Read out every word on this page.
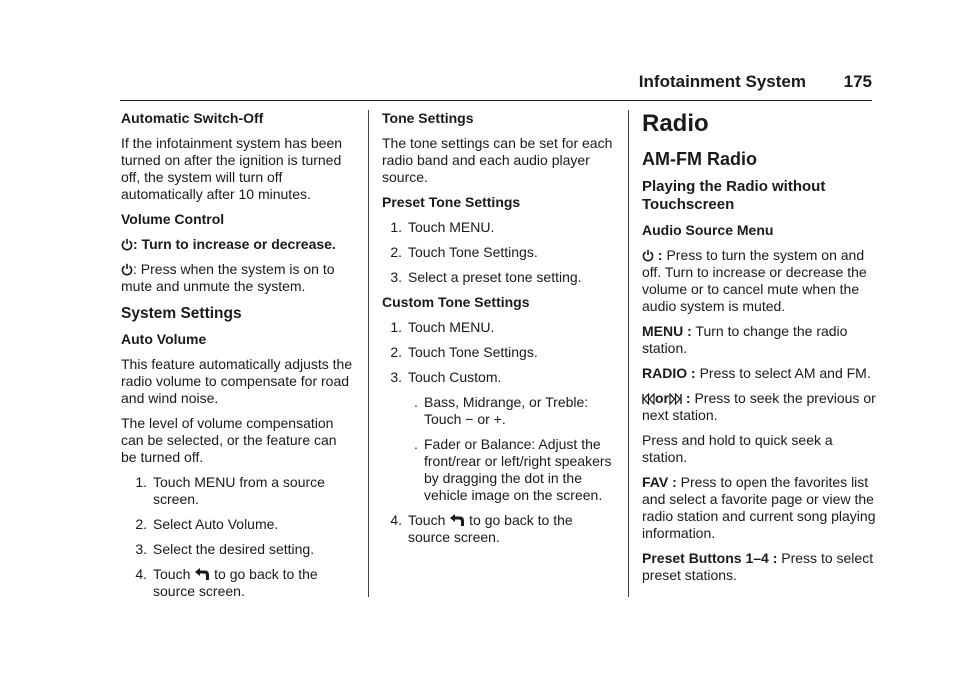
Infotainment System 175
Automatic Switch-Off

If the infotainment system has been turned on after the ignition is turned off, the system will turn off automatically after 10 minutes.

Volume Control

: Turn to increase or decrease.

: Press when the system is on to mute and unmute the system.

System Settings
Auto Volume

This feature automatically adjusts the radio volume to compensate for road and wind noise.

The level of volume compensation can be selected, or the feature can be turned off.

1. Touch MENU from a source screen.
2. Select Auto Volume.
3. Select the desired setting.
4. Touch to go back to the source screen.
Tone Settings

The tone settings can be set for each radio band and each audio player source.

Preset Tone Settings
1. Touch MENU.
2. Touch Tone Settings.
3. Select a preset tone setting.
Custom Tone Settings
1. Touch MENU.
2. Touch Tone Settings.
3. Touch Custom.
. Bass, Midrange, or Treble: Touch − or +.
. Fader or Balance: Adjust the front/rear or left/right speakers by dragging the dot in the vehicle image on the screen.
4. Touch to go back to the source screen.
Radio
AM-FM Radio
Playing the Radio without Touchscreen
Audio Source Menu

: Press to turn the system on and off. Turn to increase or decrease the volume or to cancel mute when the audio system is muted.

MENU : Turn to change the radio station.

RADIO : Press to select AM and FM.

or : Press to seek the previous or next station.

Press and hold to quick seek a station.

FAV : Press to open the favorites list and select a favorite page or view the radio station and current song playing information.

Preset Buttons 1–4 : Press to select preset stations.
